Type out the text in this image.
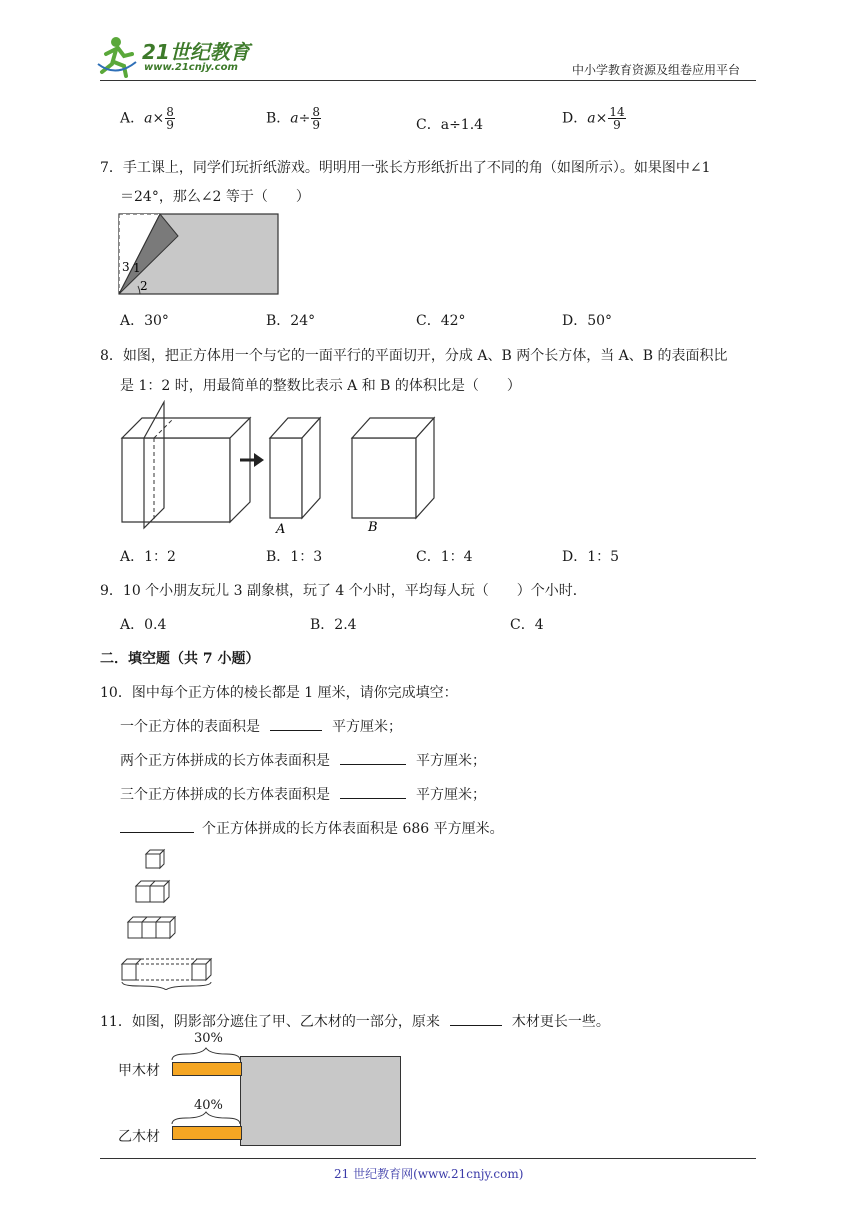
21世纪教育
www.21cnjy.com	中小学教育资源及组卷应用平台
A．$a\times \frac{8}{9}$	B．$a\div \frac{8}{9}$	C．a÷1.4	D．$a\times \frac{14}{9}$
7．手工课上，同学们玩折纸游戏。明明用一张长方形纸折出了不同的角（如图所示）。如果图中∠1
＝24°，那么∠2 等于（　　）
3 1
2
A．30°	B．24°	C．42°	D．50°
8．如图，把正方体用一个与它的一面平行的平面切开，分成 A、B 两个长方体，当 A、B 的表面积比
是 1：2 时，用最简单的整数比表示 A 和 B 的体积比是（　　）
A	B
A．1：2	B．1：3	C．1：4	D．1：5
9．10 个小朋友玩儿 3 副象棋，玩了 4 个小时，平均每人玩（　　）个小时．
A．0.4	B．2.4	C．4
二．填空题（共 7 小题）
10．图中每个正方体的棱长都是 1 厘米，请你完成填空：
一个正方体的表面积是	平方厘米；
两个正方体拼成的长方体表面积是	平方厘米；
三个正方体拼成的长方体表面积是	平方厘米；
个正方体拼成的长方体表面积是 686 平方厘米。
11．如图，阴影部分遮住了甲、乙木材的一部分，原来	木材更长一些。
甲木材
乙木材
30%
40%
21 世纪教育网(www.21cnjy.com)
